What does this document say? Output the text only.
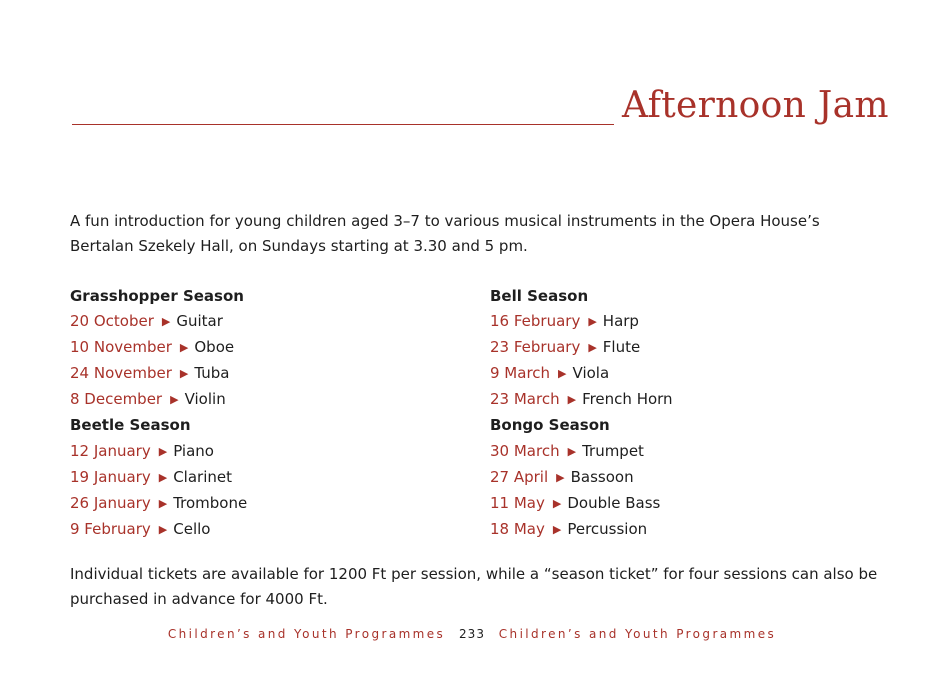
Afternoon Jam

A fun introduction for young children aged 3–7 to various musical instruments in the Opera House’s Bertalan Szekely Hall, on Sundays starting at 3.30 and 5 pm.

Grasshopper Season
20 October ▶ Guitar
10 November ▶ Oboe
24 November ▶ Tuba
8 December ▶ Violin
Beetle Season
12 January ▶ Piano
19 January ▶ Clarinet
26 January ▶ Trombone
9 February ▶ Cello
Bell Season
16 February ▶ Harp
23 February ▶ Flute
9 March ▶ Viola
23 March ▶ French Horn
Bongo Season
30 March ▶ Trumpet
27 April ▶ Bassoon
11 May ▶ Double Bass
18 May ▶ Percussion

Individual tickets are available for 1200 Ft per session, while a “season ticket” for four sessions can also be purchased in advance for 4000 Ft.

Children’s and Youth Programmes 233 Children’s and Youth Programmes
